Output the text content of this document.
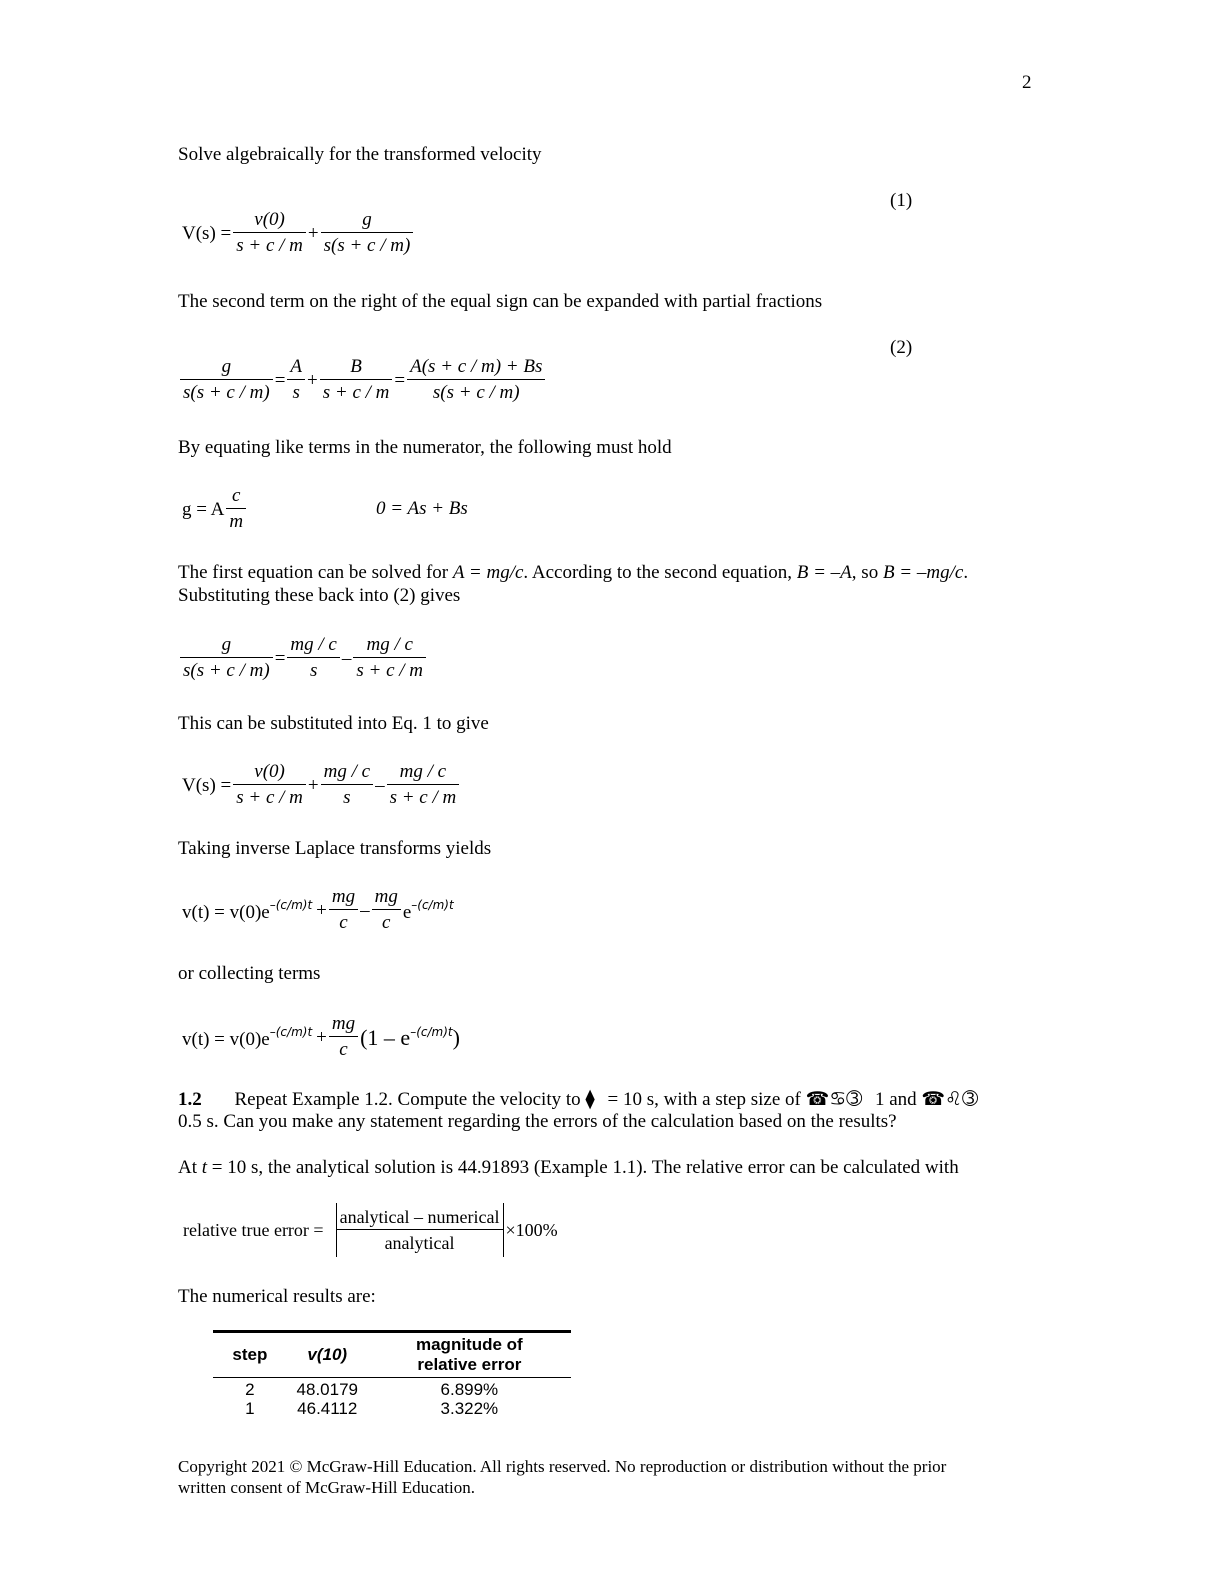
2
Solve algebraically for the transformed velocity
(1)
$V(s) = \frac{v(0)}{s + c / m} + \frac{g}{s(s + c / m)}$
The second term on the right of the equal sign can be expanded with partial fractions
(2)
$\frac{g}{s(s + c / m)} = \frac{A}{s} + \frac{B}{s + c / m} = \frac{A(s + c / m) + Bs}{s(s + c / m)}$
By equating like terms in the numerator, the following must hold
g = A $\frac{c}{m}$	0 = As + Bs
The first equation can be solved for A = mg/c. According to the second equation, B = –A, so B = –mg/c.
Substituting these back into (2) gives
$\frac{g}{s(s + c / m)} = \frac{mg / c}{s} - \frac{mg / c}{s + c / m}$
This can be substituted into Eq. 1 to give
$V(s) = \frac{v(0)}{s + c / m} + \frac{mg / c}{s} - \frac{mg / c}{s + c / m}$
Taking inverse Laplace transforms yields
$v(t) = v(0)e^{-(c/m)t} + \frac{mg}{c} - \frac{mg}{c} e^{-(c/m)t}$
or collecting terms
$v(t) = v(0)e^{-(c/m)t} + \frac{mg}{c} (1 - e^{-(c/m)t})$
1.2 Repeat Example 1.2. Compute the velocity to ⧫ = 10 s, with a step size of ☎♋➂ 1 and ☎♌➂
0.5 s. Can you make any statement regarding the errors of the calculation based on the results?
At t = 10 s, the analytical solution is 44.91893 (Example 1.1). The relative error can be calculated with
relative true error = $\frac{\text{analytical – numerical}}{\text{analytical}} \times 100\%$
The numerical results are:
step	v(10)	magnitude of relative error
2	48.0179	6.899%
1	46.4112	3.322%
Copyright 2021 © McGraw-Hill Education. All rights reserved. No reproduction or distribution without the prior
written consent of McGraw-Hill Education.
